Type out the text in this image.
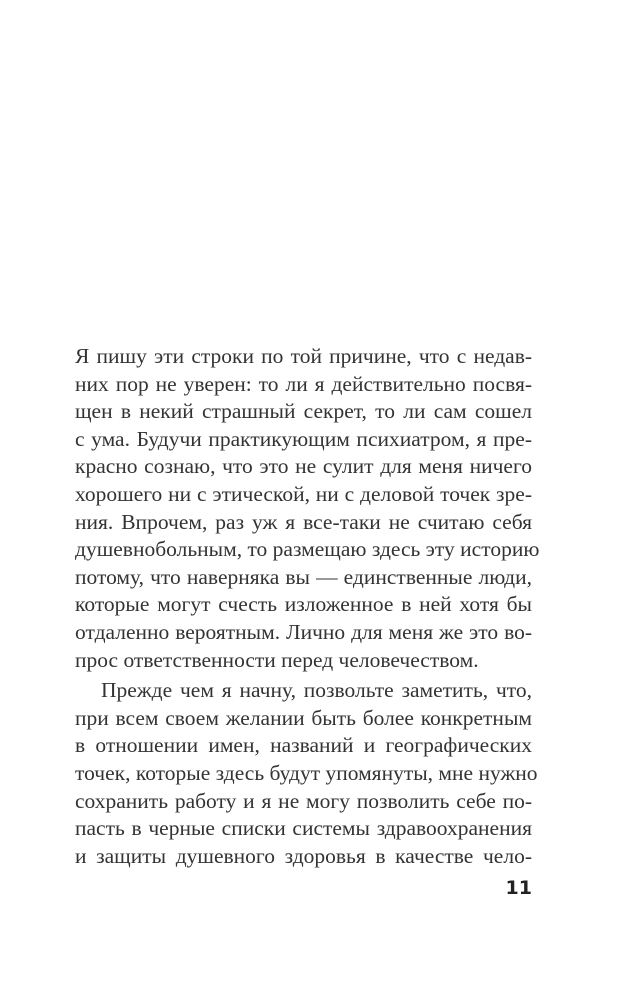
Я пишу эти строки по той причине, что с недав-
них пор не уверен: то ли я действительно посвя-
щен в некий страшный секрет, то ли сам сошел
с ума. Будучи практикующим психиатром, я пре-
красно сознаю, что это не сулит для меня ничего
хорошего ни с этической, ни с деловой точек зре-
ния. Впрочем, раз уж я все-таки не считаю себя
душевнобольным, то размещаю здесь эту историю
потому, что наверняка вы — единственные люди,
которые могут счесть изложенное в ней хотя бы
отдаленно вероятным. Лично для меня же это во-
прос ответственности перед человечеством.

Прежде чем я начну, позвольте заметить, что,
при всем своем желании быть более конкретным
в отношении имен, названий и географических
точек, которые здесь будут упомянуты, мне нужно
сохранить работу и я не могу позволить себе по-
пасть в черные списки системы здравоохранения
и защиты душевного здоровья в качестве чело-

11
